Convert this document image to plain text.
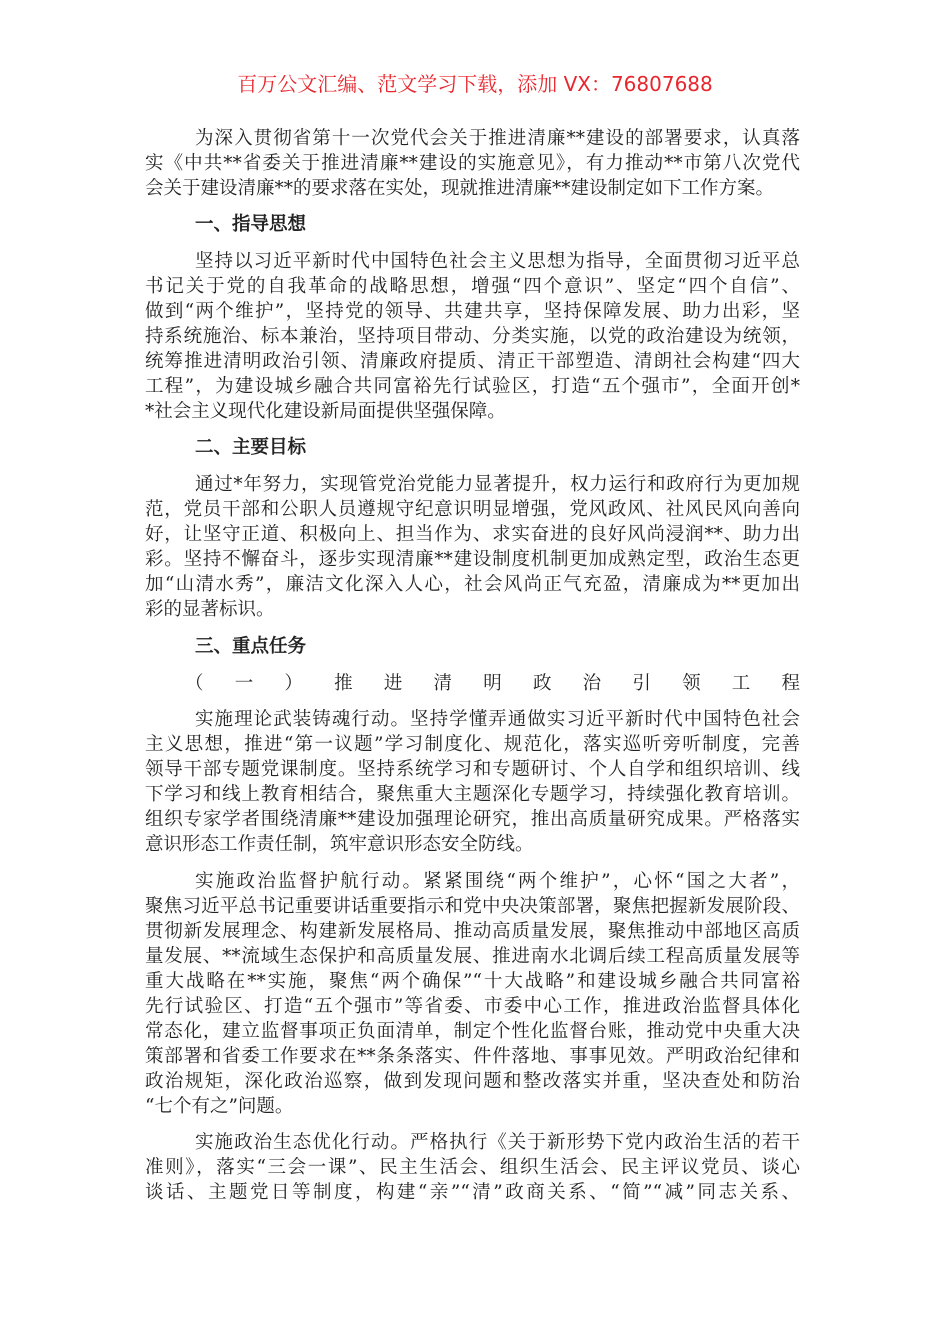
百万公文汇编、范文学习下载，添加 VX：76807688
为深入贯彻省第十一次党代会关于推进清廉**建设的部署要求，认真落
实《中共**省委关于推进清廉**建设的实施意见》，有力推动**市第八次党代
会关于建设清廉**的要求落在实处，现就推进清廉**建设制定如下工作方案。
一、指导思想
坚持以习近平新时代中国特色社会主义思想为指导，全面贯彻习近平总
书记关于党的自我革命的战略思想，增强“四个意识”、坚定“四个自信”、
做到“两个维护”，坚持党的领导、共建共享，坚持保障发展、助力出彩，坚
持系统施治、标本兼治，坚持项目带动、分类实施，以党的政治建设为统领，
统筹推进清明政治引领、清廉政府提质、清正干部塑造、清朗社会构建“四大
工程”，为建设城乡融合共同富裕先行试验区，打造“五个强市”，全面开创*
*社会主义现代化建设新局面提供坚强保障。
二、主要目标
通过*年努力，实现管党治党能力显著提升，权力运行和政府行为更加规
范，党员干部和公职人员遵规守纪意识明显增强，党风政风、社风民风向善向
好，让坚守正道、积极向上、担当作为、求实奋进的良好风尚浸润**、助力出
彩。坚持不懈奋斗，逐步实现清廉**建设制度机制更加成熟定型，政治生态更
加“山清水秀”，廉洁文化深入人心，社会风尚正气充盈，清廉成为**更加出
彩的显著标识。
三、重点任务
（一）推进清明政治引领工程
实施理论武装铸魂行动。坚持学懂弄通做实习近平新时代中国特色社会
主义思想，推进“第一议题”学习制度化、规范化，落实巡听旁听制度，完善
领导干部专题党课制度。坚持系统学习和专题研讨、个人自学和组织培训、线
下学习和线上教育相结合，聚焦重大主题深化专题学习，持续强化教育培训。
组织专家学者围绕清廉**建设加强理论研究，推出高质量研究成果。严格落实
意识形态工作责任制，筑牢意识形态安全防线。
实施政治监督护航行动。紧紧围绕“两个维护”，心怀“国之大者”，
聚焦习近平总书记重要讲话重要指示和党中央决策部署，聚焦把握新发展阶段、
贯彻新发展理念、构建新发展格局、推动高质量发展，聚焦推动中部地区高质
量发展、**流域生态保护和高质量发展、推进南水北调后续工程高质量发展等
重大战略在**实施，聚焦“两个确保”“十大战略”和建设城乡融合共同富裕
先行试验区、打造“五个强市”等省委、市委中心工作，推进政治监督具体化
常态化，建立监督事项正负面清单，制定个性化监督台账，推动党中央重大决
策部署和省委工作要求在**条条落实、件件落地、事事见效。严明政治纪律和
政治规矩，深化政治巡察，做到发现问题和整改落实并重，坚决查处和防治
“七个有之”问题。
实施政治生态优化行动。严格执行《关于新形势下党内政治生活的若干
准则》，落实“三会一课”、民主生活会、组织生活会、民主评议党员、谈心
谈话、主题党日等制度，构建“亲”“清”政商关系、“简”“减”同志关系、
